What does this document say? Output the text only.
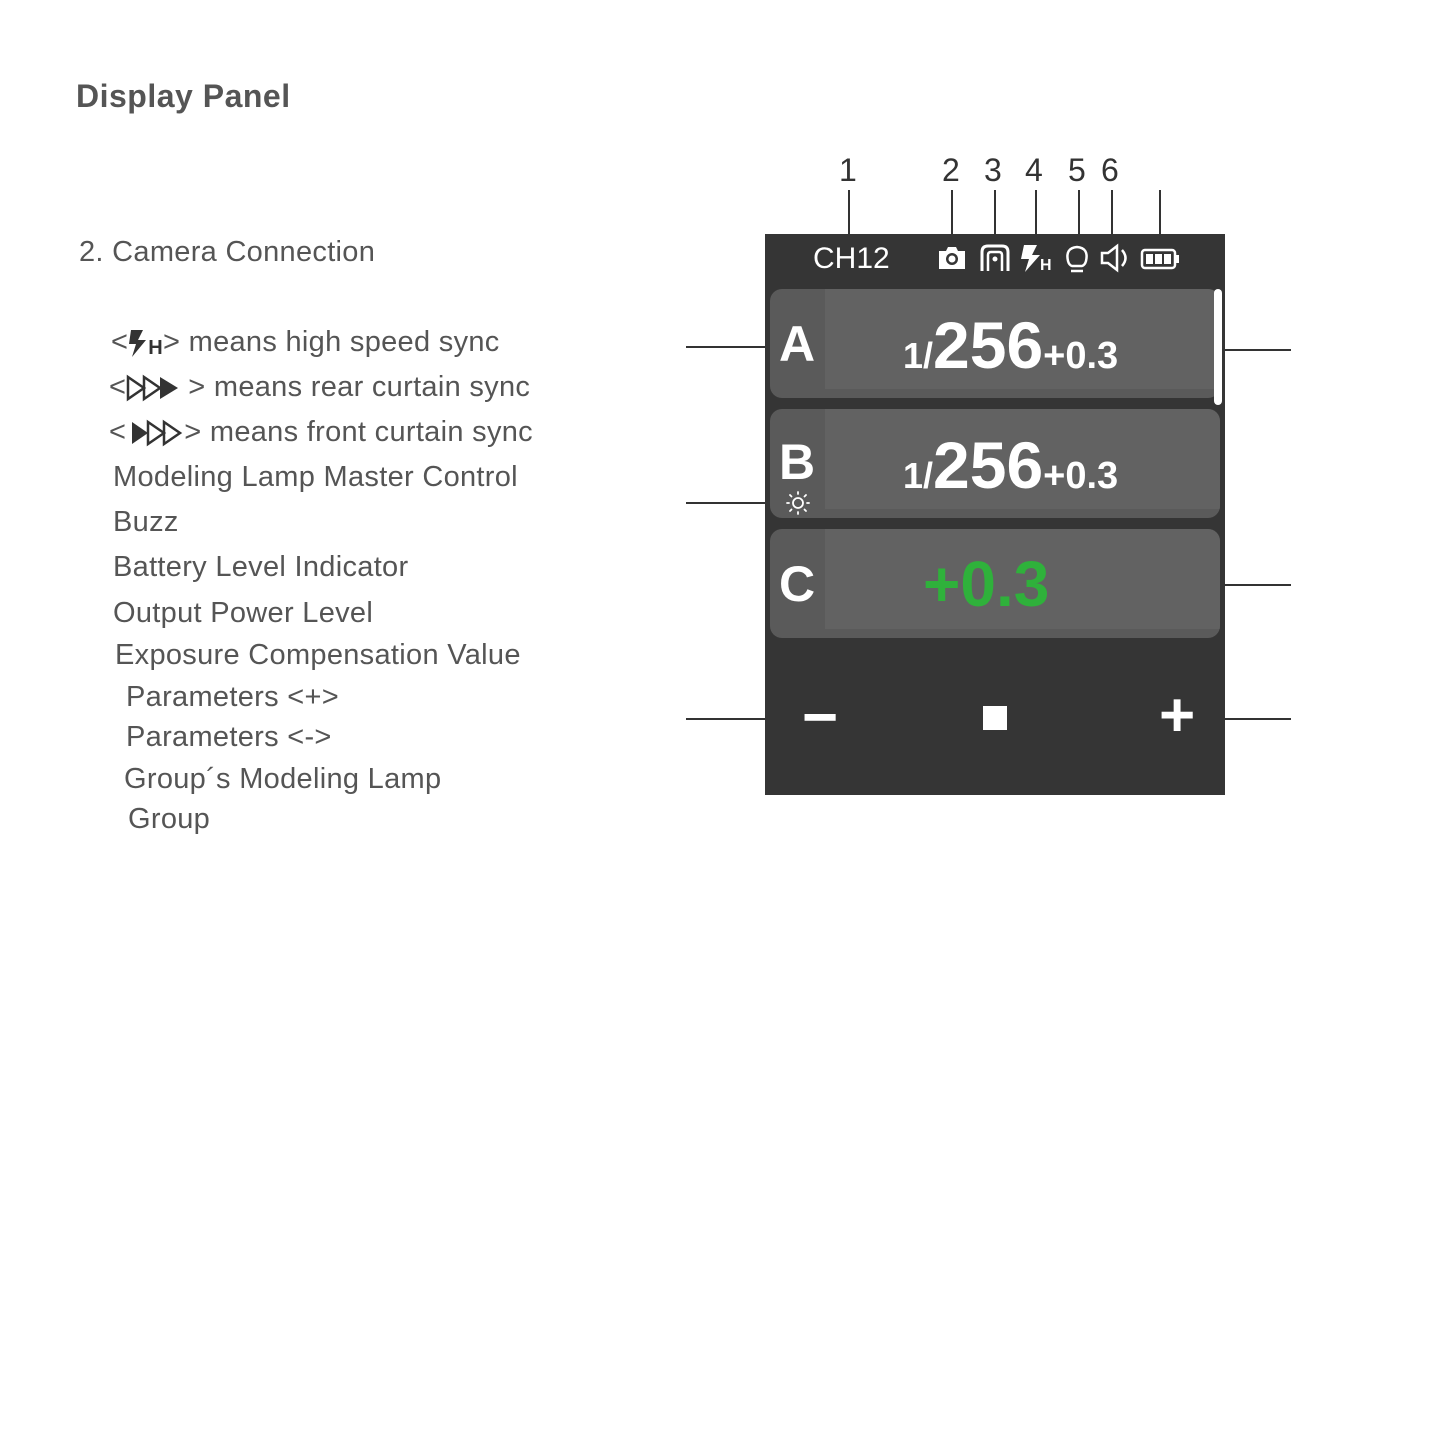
Display Panel
2. Camera Connection
< H > means high speed sync
< > means rear curtain sync
< > means front curtain sync
Modeling Lamp Master Control
Buzz
Battery Level Indicator
Output Power Level
Exposure Compensation Value
Parameters <+>
Parameters <->
Group´s Modeling Lamp
Group
1	2 3 4 5 6
CH12	H
A 1/256+0.3
B 1/256+0.3
C +0.3
−	+
